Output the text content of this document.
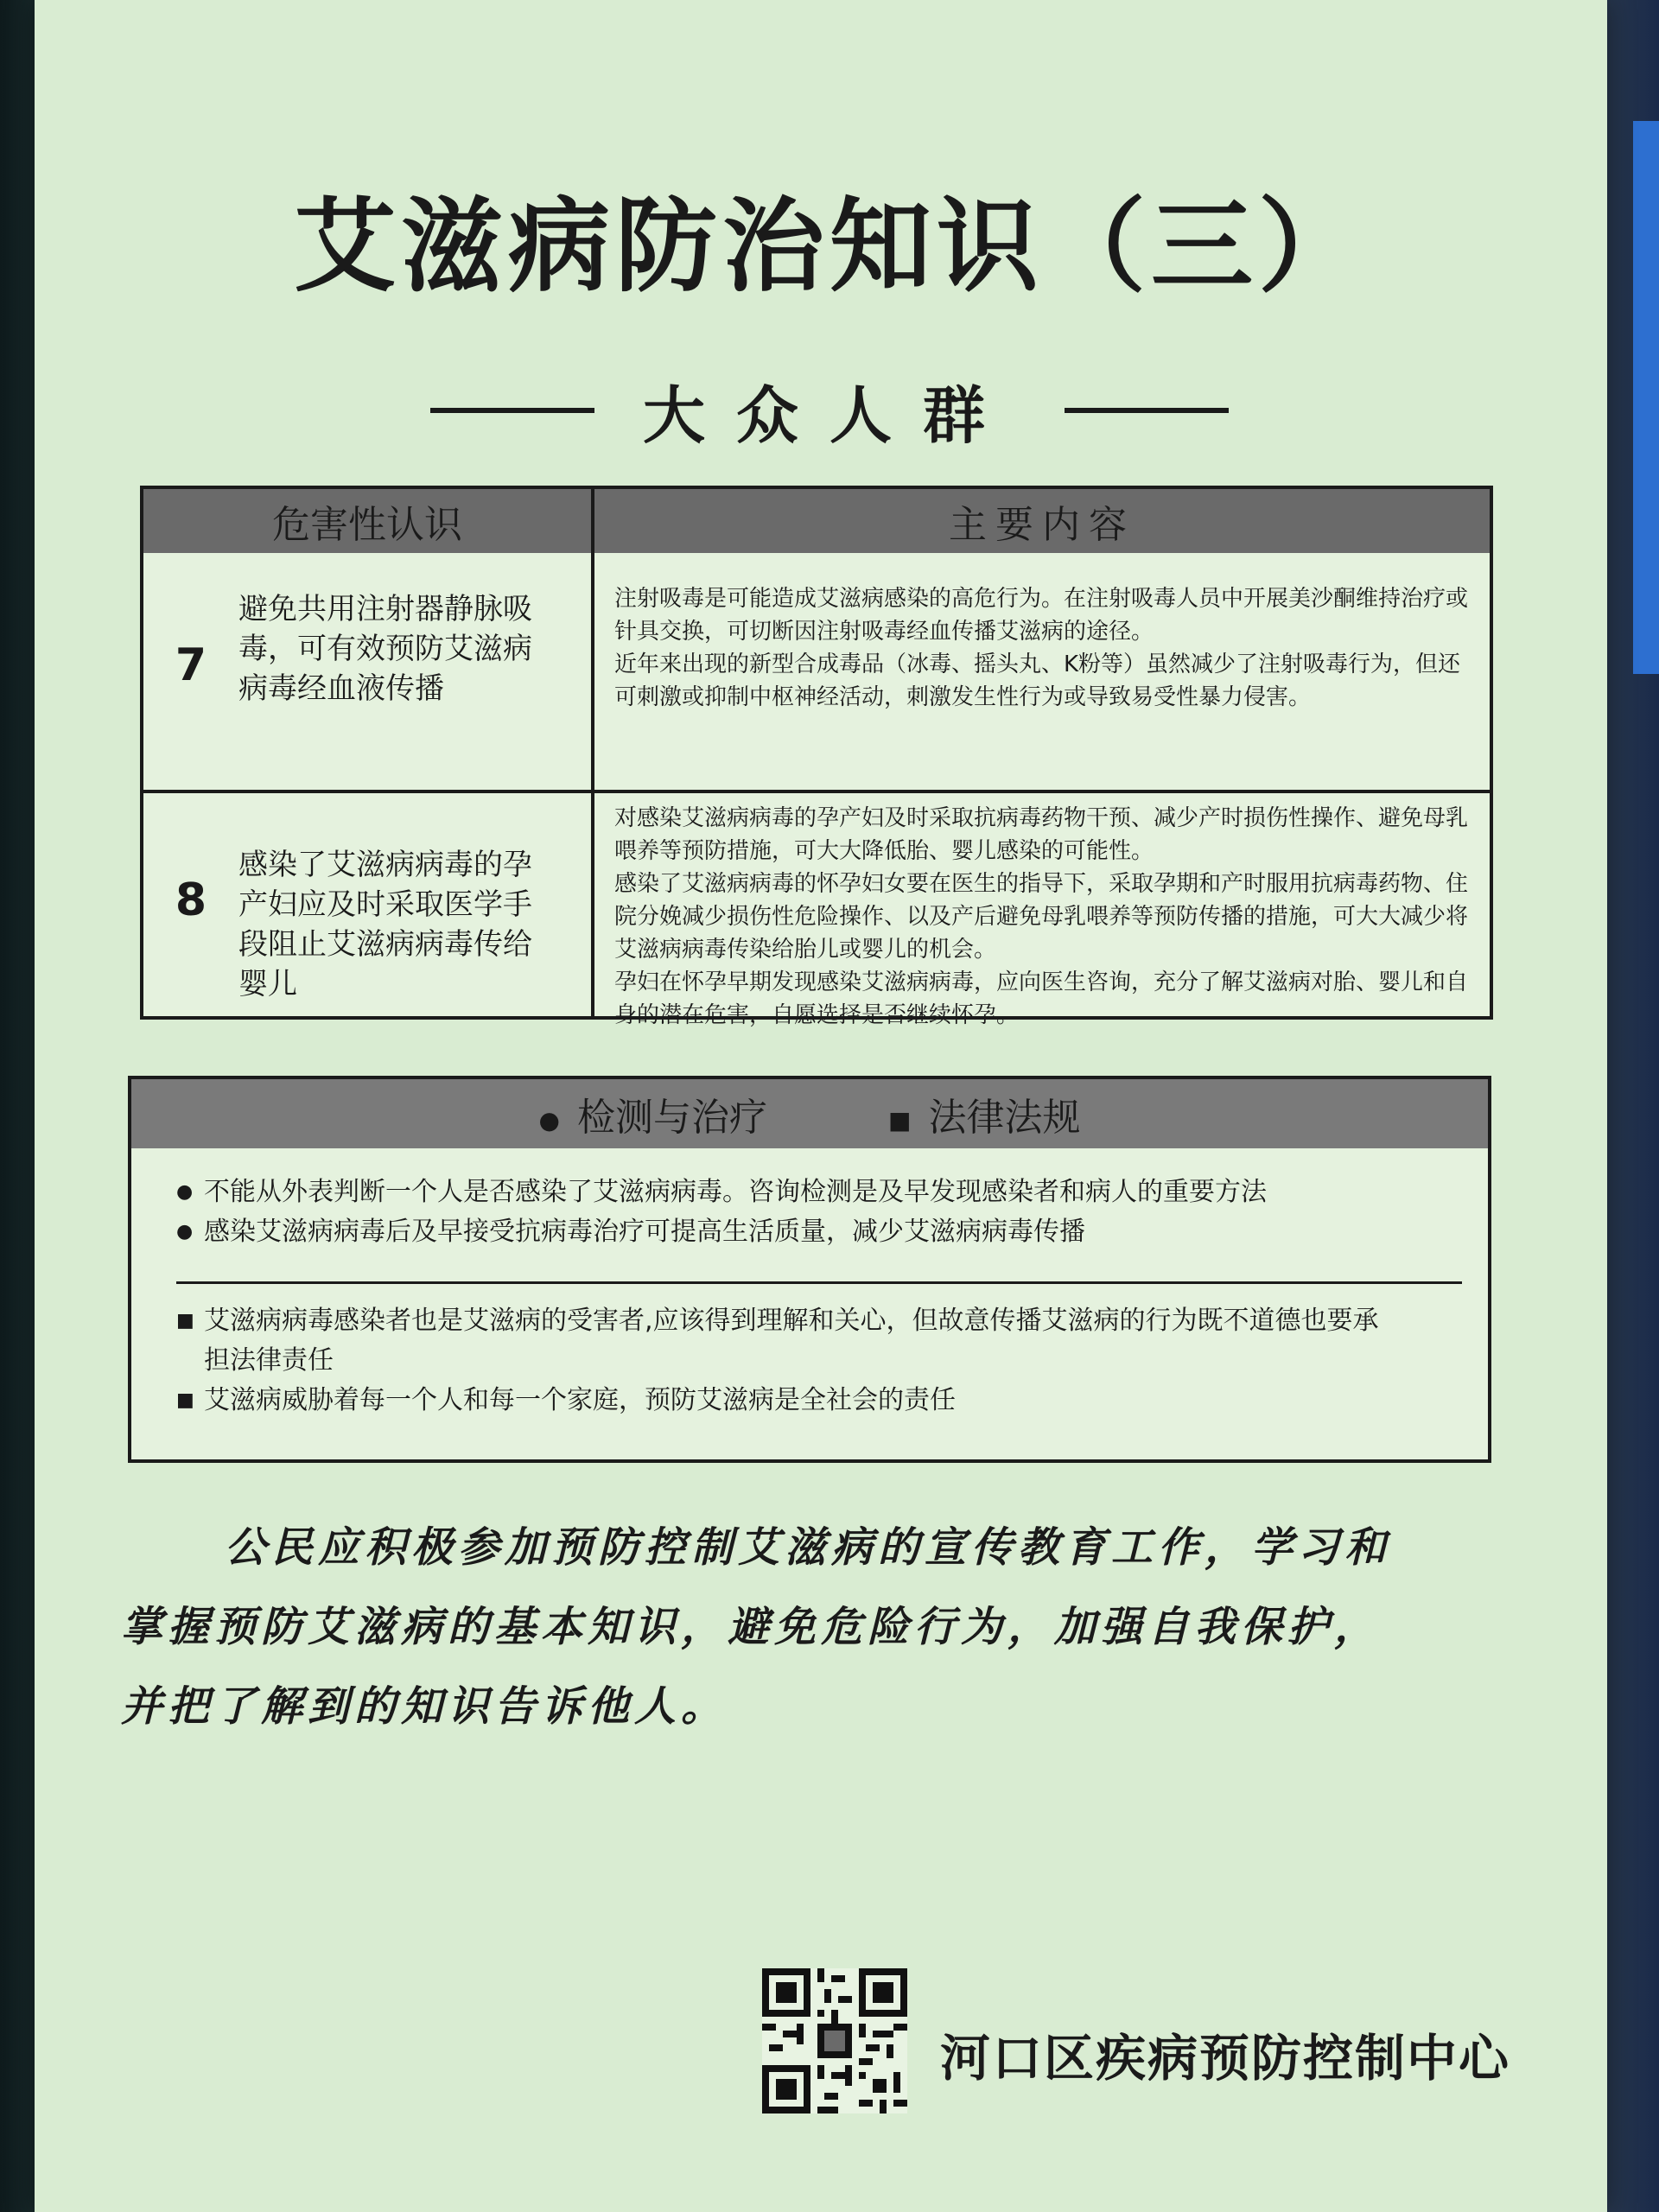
艾滋病防治知识（三）
大众人群
危害性认识	主要内容
7
避免共用注射器静脉吸毒，可有效预防艾滋病病毒经血液传播

注射吸毒是可能造成艾滋病感染的高危行为。在注射吸毒人员中开展美沙酮维持治疗或针具交换，可切断因注射吸毒经血传播艾滋病的途径。

近年来出现的新型合成毒品（冰毒、摇头丸、K粉等）虽然减少了注射吸毒行为，但还可刺激或抑制中枢神经活动，刺激发生性行为或导致易受性暴力侵害。

8
感染了艾滋病病毒的孕产妇应及时采取医学手段阻止艾滋病病毒传给婴儿

对感染艾滋病病毒的孕产妇及时采取抗病毒药物干预、减少产时损伤性操作、避免母乳喂养等预防措施，可大大降低胎、婴儿感染的可能性。

感染了艾滋病病毒的怀孕妇女要在医生的指导下，采取孕期和产时服用抗病毒药物、住院分娩减少损伤性危险操作、以及产后避免母乳喂养等预防传播的措施，可大大减少将艾滋病病毒传染给胎儿或婴儿的机会。

孕妇在怀孕早期发现感染艾滋病病毒，应向医生咨询，充分了解艾滋病对胎、婴儿和自身的潜在危害，自愿选择是否继续怀孕。

● 检测与治疗	■ 法律法规
● 不能从外表判断一个人是否感染了艾滋病病毒。咨询检测是及早发现感染者和病人的重要方法
● 感染艾滋病病毒后及早接受抗病毒治疗可提高生活质量，减少艾滋病病毒传播
■ 艾滋病病毒感染者也是艾滋病的受害者,应该得到理解和关心，但故意传播艾滋病的行为既不道德也要承
担法律责任
■ 艾滋病威胁着每一个人和每一个家庭，预防艾滋病是全社会的责任
公民应积极参加预防控制艾滋病的宣传教育工作，学习和
掌握预防艾滋病的基本知识，避免危险行为，加强自我保护，
并把了解到的知识告诉他人。
河口区疾病预防控制中心
